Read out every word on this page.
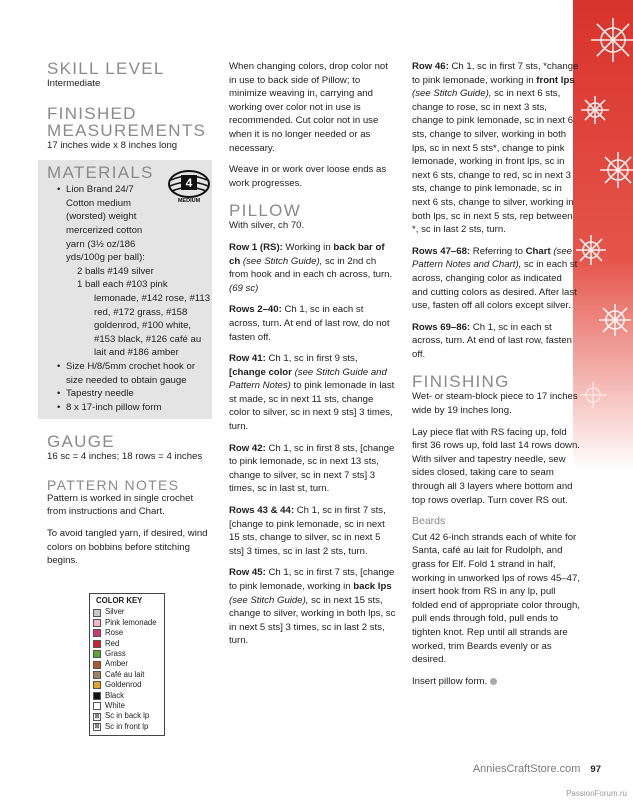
SKILL LEVEL

Intermediate

FINISHED
MEASUREMENTS

17 inches wide x 8 inches long

MATERIALS
• Lion Brand 24/7 Cotton medium (worsted) weight mercerized cotton yarn (3½ oz/186 yds/100g per ball):
2 balls #149 silver
1 ball each #103 pink lemonade, #142 rose, #113 red, #172 grass, #158 goldenrod, #100 white, #153 black, #126 café au lait and #186 amber
• Size H/8/5mm crochet hook or size needed to obtain gauge
• Tapestry needle
• 8 x 17-inch pillow form
GAUGE

16 sc = 4 inches; 18 rows = 4 inches

PATTERN NOTES

Pattern is worked in single crochet from instructions and Chart.

To avoid tangled yarn, if desired, wind colors on bobbins before stitching begins.

4
MEDIUM
COLOR KEY
Silver
Pink lemonade
Rose
Red
Grass
Amber
Café au lait
Goldenrod
Black
White
⊠ Sc in back lp
⊠ Sc in front lp

When changing colors, drop color not in use to back side of Pillow; to minimize weaving in, carrying and working over color not in use is recommended. Cut color not in use when it is no longer needed or as necessary.

Weave in or work over loose ends as work progresses.

PILLOW

With silver, ch 70.

Row 1 (RS): Working in back bar of ch (see Stitch Guide), sc in 2nd ch from hook and in each ch across, turn. (69 sc)

Rows 2–40: Ch 1, sc in each st across, turn. At end of last row, do not fasten off.

Row 41: Ch 1, sc in first 9 sts, [change color (see Stitch Guide and Pattern Notes) to pink lemonade in last st made, sc in next 11 sts, change color to silver, sc in next 9 sts] 3 times, turn.

Row 42: Ch 1, sc in first 8 sts, [change to pink lemonade, sc in next 13 sts, change to silver, sc in next 7 sts] 3 times, sc in last st, turn.

Rows 43 & 44: Ch 1, sc in first 7 sts, [change to pink lemonade, sc in next 15 sts, change to silver, sc in next 5 sts] 3 times, sc in last 2 sts, turn.

Row 45: Ch 1, sc in first 7 sts, [change to pink lemonade, working in back lps (see Stitch Guide), sc in next 15 sts, change to silver, working in both lps, sc in next 5 sts] 3 times, sc in last 2 sts, turn.

Row 46: Ch 1, sc in first 7 sts, *change to pink lemonade, working in front lps (see Stitch Guide), sc in next 6 sts, change to rose, sc in next 3 sts, change to pink lemonade, sc in next 6 sts, change to silver, working in both lps, sc in next 5 sts*, change to pink lemonade, working in front lps, sc in next 6 sts, change to red, sc in next 3 sts, change to pink lemonade, sc in next 6 sts, change to silver, working in both lps, sc in next 5 sts, rep between *, sc in last 2 sts, turn.

Rows 47–68: Referring to Chart (see Pattern Notes and Chart), sc in each st across, changing color as indicated and cutting colors as desired. After last use, fasten off all colors except silver.

Rows 69–86: Ch 1, sc in each st across, turn. At end of last row, fasten off.

FINISHING

Wet- or steam-block piece to 17 inches wide by 19 inches long.

Lay piece flat with RS facing up, fold first 36 rows up, fold last 14 rows down. With silver and tapestry needle, sew sides closed, taking care to seam through all 3 layers where bottom and top rows overlap. Turn cover RS out.

Beards

Cut 42 6-inch strands each of white for Santa, café au lait for Rudolph, and grass for Elf. Fold 1 strand in half, working in unworked lps of rows 45–47, insert hook from RS in any lp, pull folded end of appropriate color through, pull ends through fold, pull ends to tighten knot. Rep until all strands are worked, trim Beards evenly or as desired.

Insert pillow form.

AnniesCraftStore.com 97
PassionForum.ru
